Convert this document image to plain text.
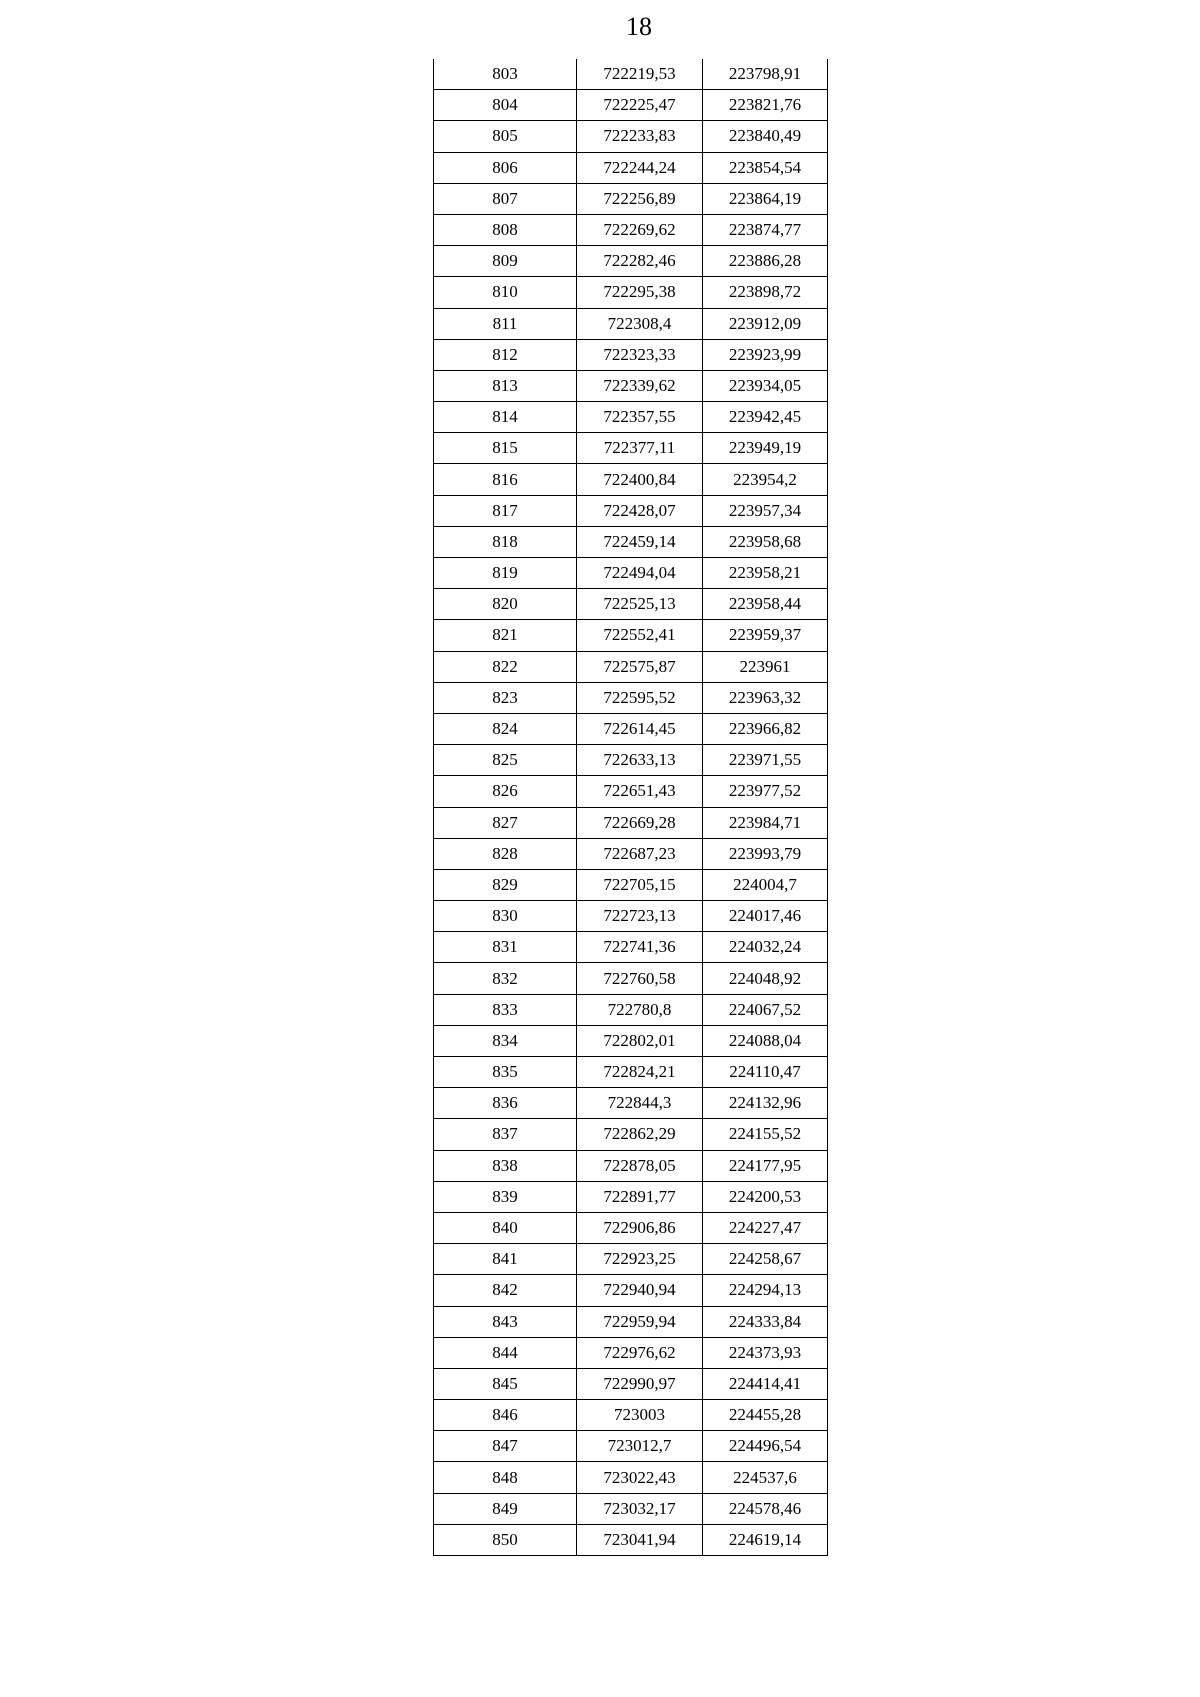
18
803	722219,53	223798,91
804	722225,47	223821,76
805	722233,83	223840,49
806	722244,24	223854,54
807	722256,89	223864,19
808	722269,62	223874,77
809	722282,46	223886,28
810	722295,38	223898,72
811	722308,4	223912,09
812	722323,33	223923,99
813	722339,62	223934,05
814	722357,55	223942,45
815	722377,11	223949,19
816	722400,84	223954,2
817	722428,07	223957,34
818	722459,14	223958,68
819	722494,04	223958,21
820	722525,13	223958,44
821	722552,41	223959,37
822	722575,87	223961
823	722595,52	223963,32
824	722614,45	223966,82
825	722633,13	223971,55
826	722651,43	223977,52
827	722669,28	223984,71
828	722687,23	223993,79
829	722705,15	224004,7
830	722723,13	224017,46
831	722741,36	224032,24
832	722760,58	224048,92
833	722780,8	224067,52
834	722802,01	224088,04
835	722824,21	224110,47
836	722844,3	224132,96
837	722862,29	224155,52
838	722878,05	224177,95
839	722891,77	224200,53
840	722906,86	224227,47
841	722923,25	224258,67
842	722940,94	224294,13
843	722959,94	224333,84
844	722976,62	224373,93
845	722990,97	224414,41
846	723003	224455,28
847	723012,7	224496,54
848	723022,43	224537,6
849	723032,17	224578,46
850	723041,94	224619,14
